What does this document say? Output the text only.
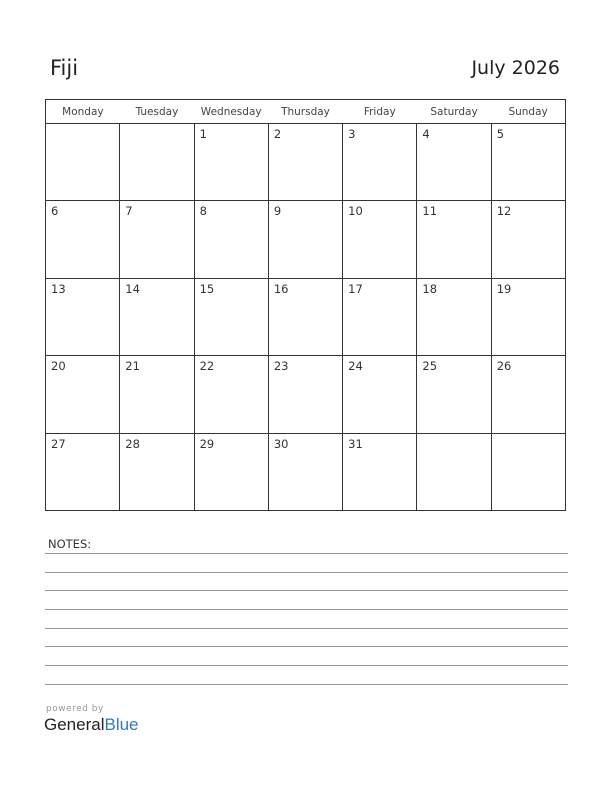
Fiji	July 2026
Monday	Tuesday	Wednesday	Thursday	Friday	Saturday	Sunday
		1	2	3	4	5
6	7	8	9	10	11	12
13	14	15	16	17	18	19
20	21	22	23	24	25	26
27	28	29	30	31		
NOTES:
powered by
GeneralBlue
